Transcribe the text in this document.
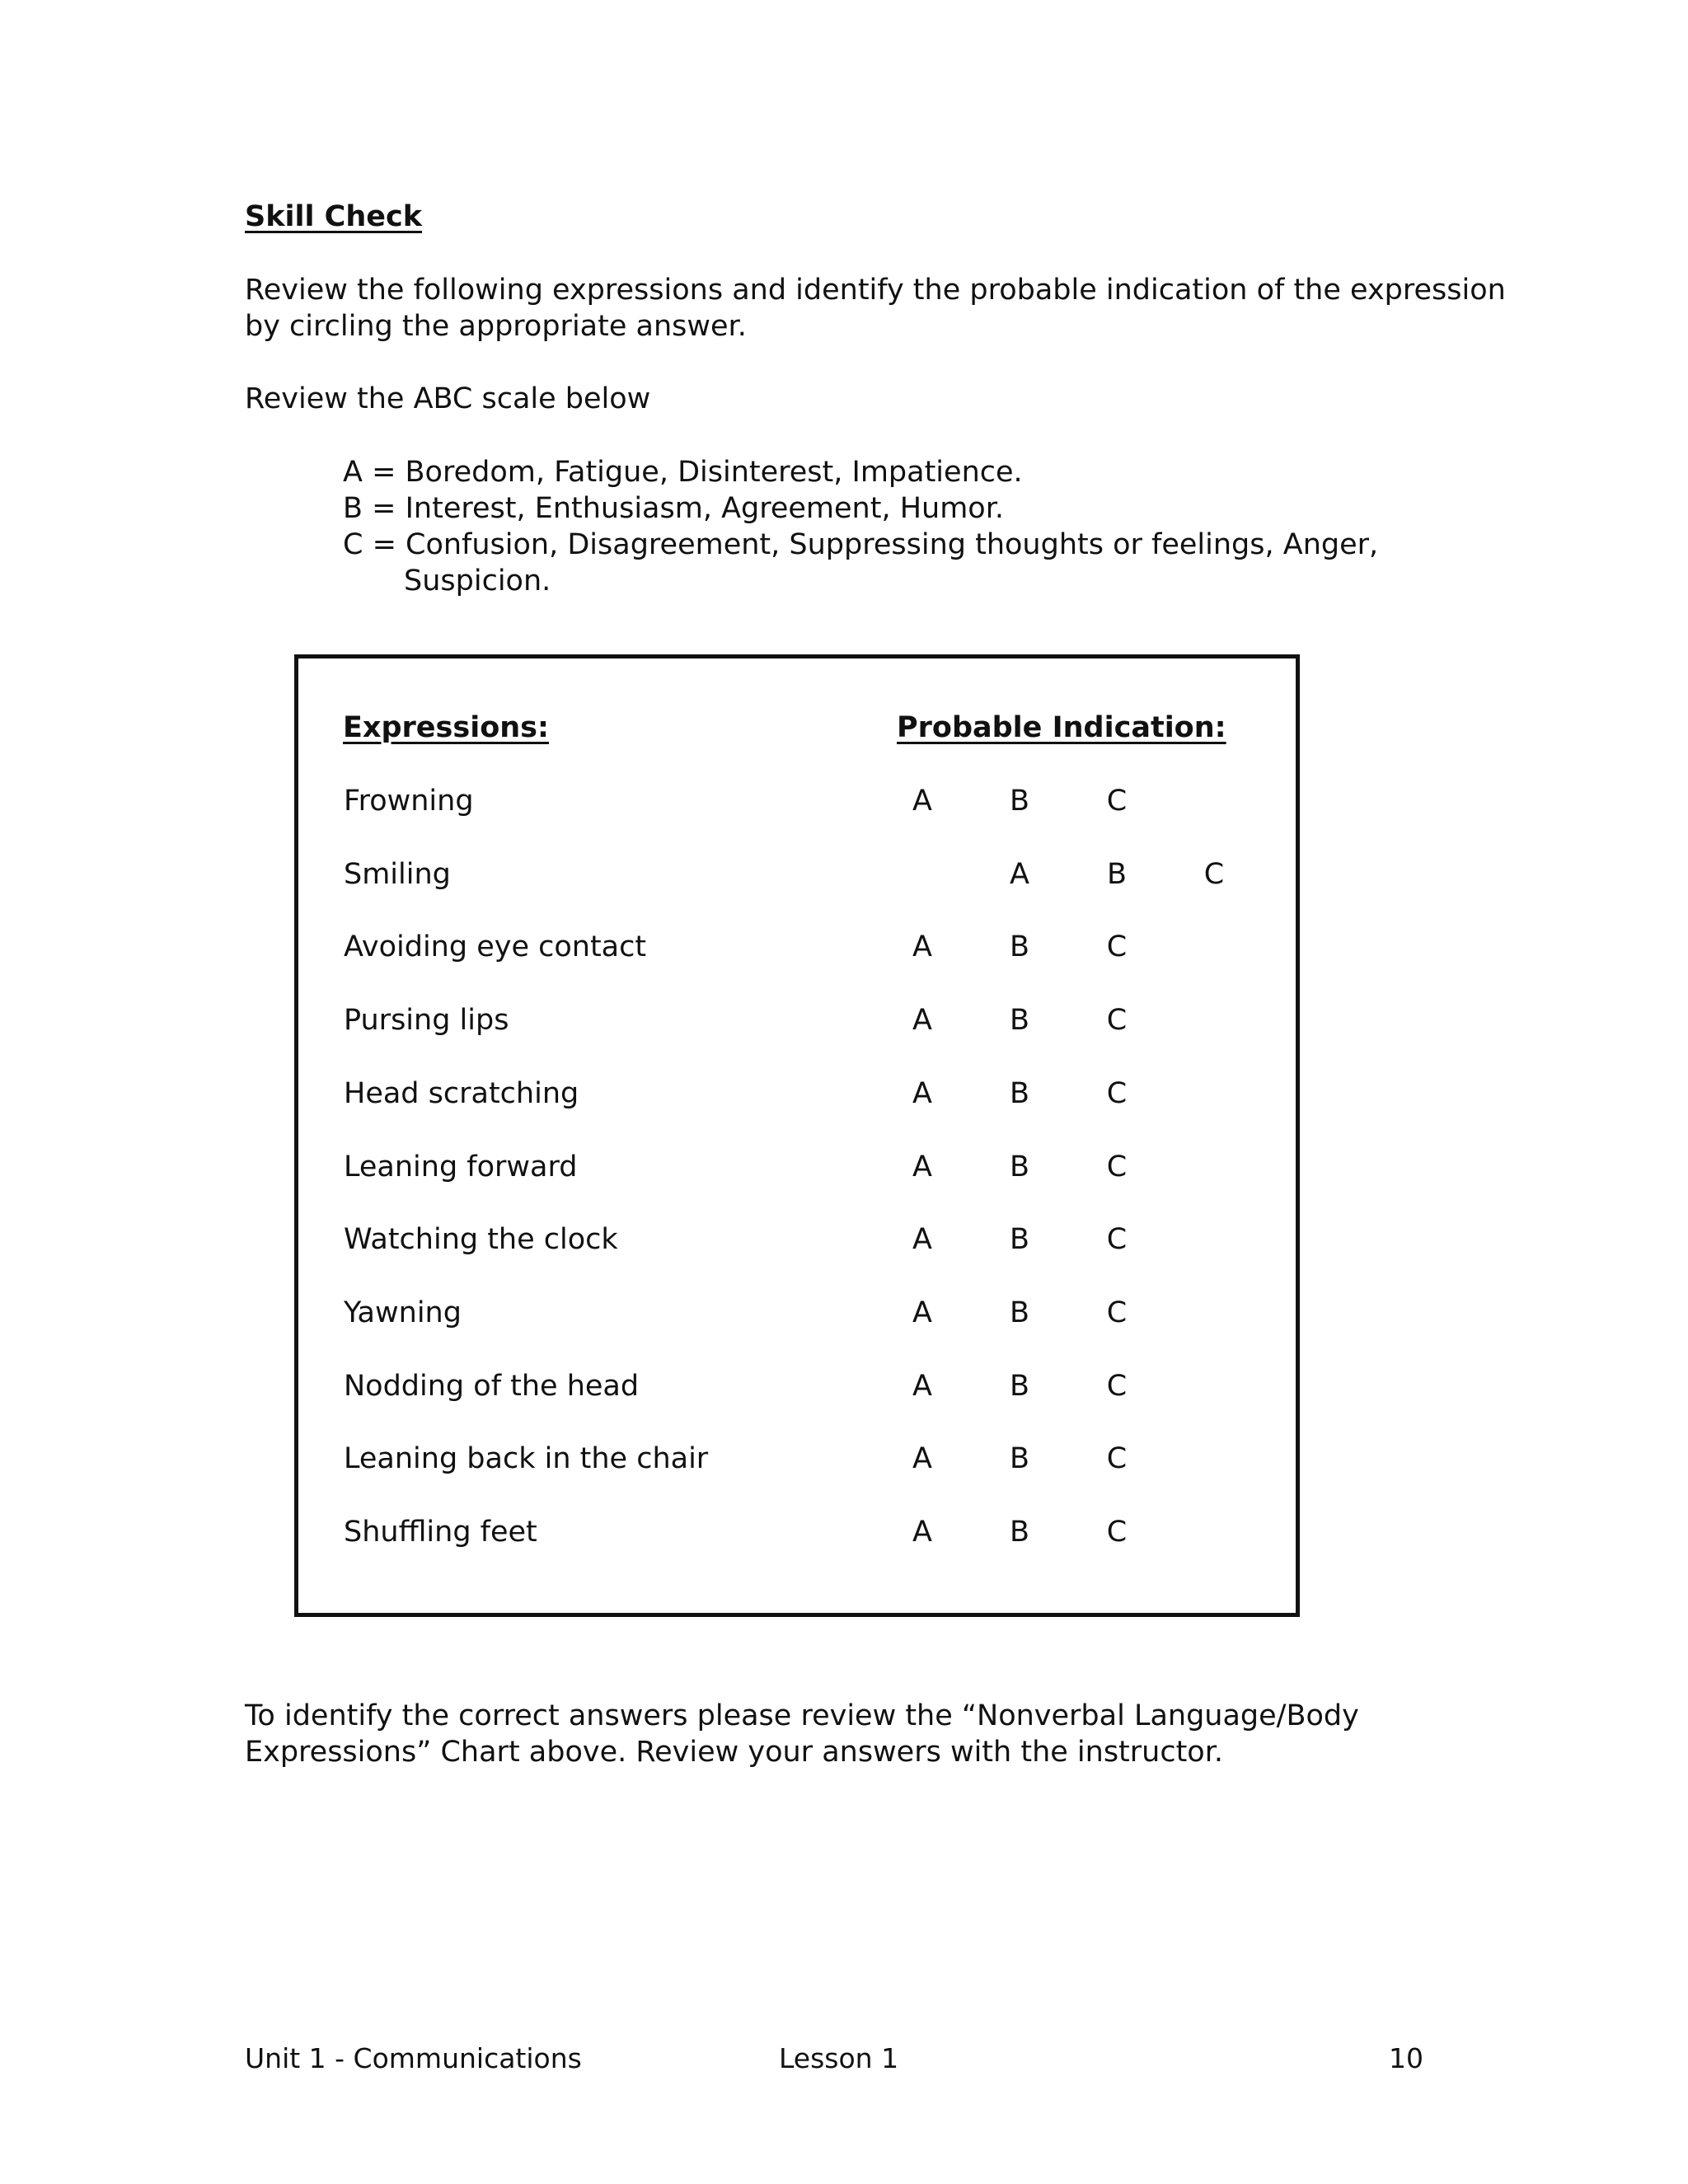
Skill Check
Review the following expressions and identify the probable indication of the expression
by circling the appropriate answer.
Review the ABC scale below
A = Boredom, Fatigue, Disinterest, Impatience.
B = Interest, Enthusiasm, Agreement, Humor.
C = Confusion, Disagreement, Suppressing thoughts or feelings, Anger,
Suspicion.
Expressions:	Probable Indication:
Frowning	A	B	C
Smiling	A	B	C
Avoiding eye contact	A	B	C
Pursing lips	A	B	C
Head scratching	A	B	C
Leaning forward	A	B	C
Watching the clock	A	B	C
Yawning	A	B	C
Nodding of the head	A	B	C
Leaning back in the chair	A	B	C
Shuffling feet	A	B	C
To identify the correct answers please review the “Nonverbal Language/Body
Expressions” Chart above. Review your answers with the instructor.
Unit 1 - Communications	Lesson 1	10
